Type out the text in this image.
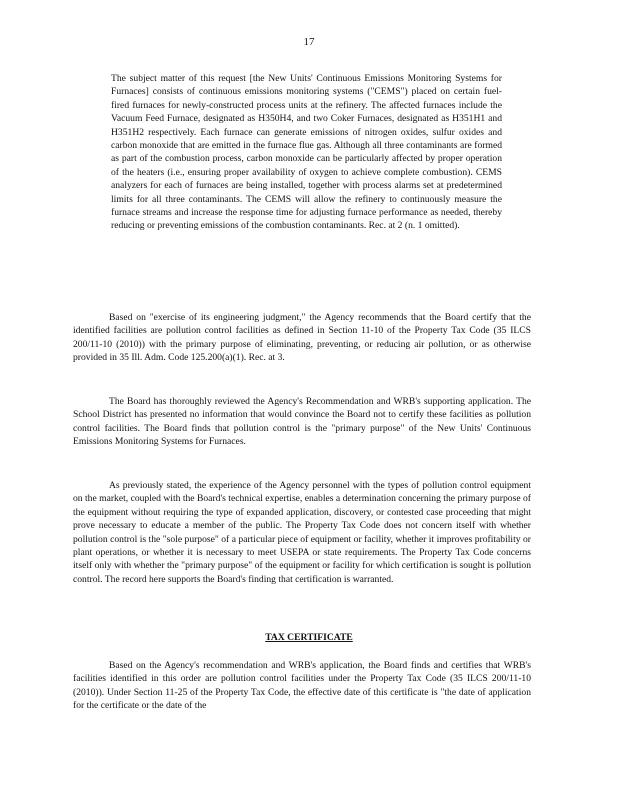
17
The subject matter of this request [the New Units' Continuous Emissions Monitoring Systems for Furnaces] consists of continuous emissions monitoring systems ("CEMS") placed on certain fuel-fired furnaces for newly-constructed process units at the refinery. The affected furnaces include the Vacuum Feed Furnace, designated as H350H4, and two Coker Furnaces, designated as H351H1 and H351H2 respectively. Each furnace can generate emissions of nitrogen oxides, sulfur oxides and carbon monoxide that are emitted in the furnace flue gas. Although all three contaminants are formed as part of the combustion process, carbon monoxide can be particularly affected by proper operation of the heaters (i.e., ensuring proper availability of oxygen to achieve complete combustion). CEMS analyzers for each of furnaces are being installed, together with process alarms set at predetermined limits for all three contaminants. The CEMS will allow the refinery to continuously measure the furnace streams and increase the response time for adjusting furnace performance as needed, thereby reducing or preventing emissions of the combustion contaminants. Rec. at 2 (n. 1 omitted).
Based on "exercise of its engineering judgment," the Agency recommends that the Board certify that the identified facilities are pollution control facilities as defined in Section 11-10 of the Property Tax Code (35 ILCS 200/11-10 (2010)) with the primary purpose of eliminating, preventing, or reducing air pollution, or as otherwise provided in 35 Ill. Adm. Code 125.200(a)(1). Rec. at 3.
The Board has thoroughly reviewed the Agency's Recommendation and WRB's supporting application. The School District has presented no information that would convince the Board not to certify these facilities as pollution control facilities. The Board finds that pollution control is the "primary purpose" of the New Units' Continuous Emissions Monitoring Systems for Furnaces.
As previously stated, the experience of the Agency personnel with the types of pollution control equipment on the market, coupled with the Board's technical expertise, enables a determination concerning the primary purpose of the equipment without requiring the type of expanded application, discovery, or contested case proceeding that might prove necessary to educate a member of the public. The Property Tax Code does not concern itself with whether pollution control is the "sole purpose" of a particular piece of equipment or facility, whether it improves profitability or plant operations, or whether it is necessary to meet USEPA or state requirements. The Property Tax Code concerns itself only with whether the "primary purpose" of the equipment or facility for which certification is sought is pollution control. The record here supports the Board's finding that certification is warranted.
TAX CERTIFICATE
Based on the Agency's recommendation and WRB's application, the Board finds and certifies that WRB's facilities identified in this order are pollution control facilities under the Property Tax Code (35 ILCS 200/11-10 (2010)). Under Section 11-25 of the Property Tax Code, the effective date of this certificate is "the date of application for the certificate or the date of the
